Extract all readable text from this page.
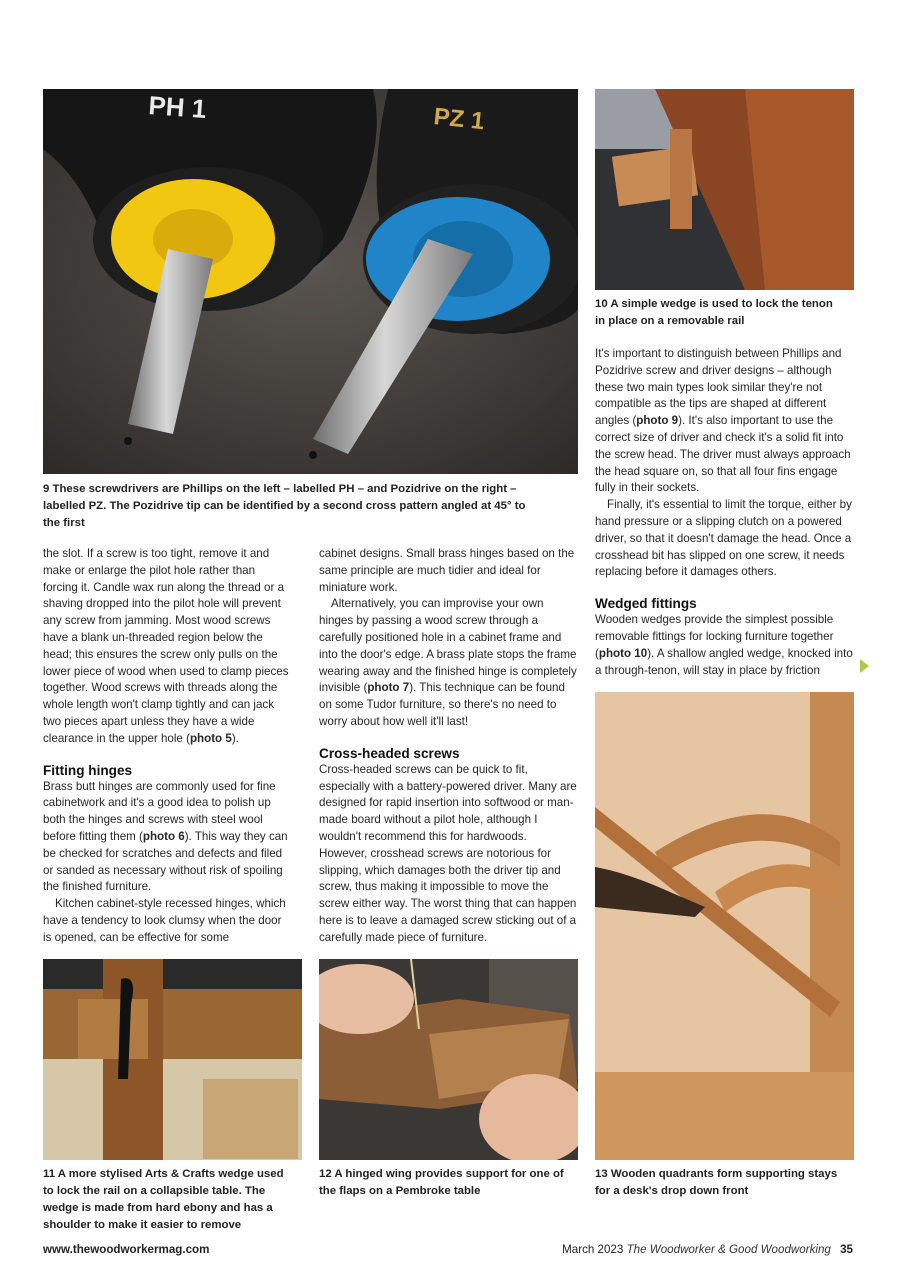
PH 1	PZ 1
9 These screwdrivers are Phillips on the left – labelled PH – and Pozidrive on the right – labelled PZ. The Pozidrive tip can be identified by a second cross pattern angled at 45° to the first
10 A simple wedge is used to lock the tenon in place on a removable rail
11 A more stylised Arts & Crafts wedge used to lock the rail on a collapsible table. The wedge is made from hard ebony and has a shoulder to make it easier to remove
12 A hinged wing provides support for one of the flaps on a Pembroke table
13 Wooden quadrants form supporting stays for a desk's drop down front

the slot. If a screw is too tight, remove it and make or enlarge the pilot hole rather than forcing it. Candle wax run along the thread or a shaving dropped into the pilot hole will prevent any screw from jamming. Most wood screws have a blank un-threaded region below the head; this ensures the screw only pulls on the lower piece of wood when used to clamp pieces together. Wood screws with threads along the whole length won't clamp tightly and can jack two pieces apart unless they have a wide clearance in the upper hole (photo 5).

Fitting hinges

Brass butt hinges are commonly used for fine cabinetwork and it's a good idea to polish up both the hinges and screws with steel wool before fitting them (photo 6). This way they can be checked for scratches and defects and filed or sanded as necessary without risk of spoiling the finished furniture.

Kitchen cabinet-style recessed hinges, which have a tendency to look clumsy when the door is opened, can be effective for some

cabinet designs. Small brass hinges based on the same principle are much tidier and ideal for miniature work.

Alternatively, you can improvise your own hinges by passing a wood screw through a carefully positioned hole in a cabinet frame and into the door's edge. A brass plate stops the frame wearing away and the finished hinge is completely invisible (photo 7). This technique can be found on some Tudor furniture, so there's no need to worry about how well it'll last!

Cross-headed screws

Cross-headed screws can be quick to fit, especially with a battery-powered driver. Many are designed for rapid insertion into softwood or man-made board without a pilot hole, although I wouldn't recommend this for hardwoods. However, crosshead screws are notorious for slipping, which damages both the driver tip and screw, thus making it impossible to move the screw either way. The worst thing that can happen here is to leave a damaged screw sticking out of a carefully made piece of furniture.

It's important to distinguish between Phillips and Pozidrive screw and driver designs – although these two main types look similar they're not compatible as the tips are shaped at different angles (photo 9). It's also important to use the correct size of driver and check it's a solid fit into the screw head. The driver must always approach the head square on, so that all four fins engage fully in their sockets.

Finally, it's essential to limit the torque, either by hand pressure or a slipping clutch on a powered driver, so that it doesn't damage the head. Once a crosshead bit has slipped on one screw, it needs replacing before it damages others.

Wedged fittings

Wooden wedges provide the simplest possible removable fittings for locking furniture together (photo 10). A shallow angled wedge, knocked into a through-tenon, will stay in place by friction

www.thewoodworkermag.com	March 2023 The Woodworker & Good Woodworking 35
